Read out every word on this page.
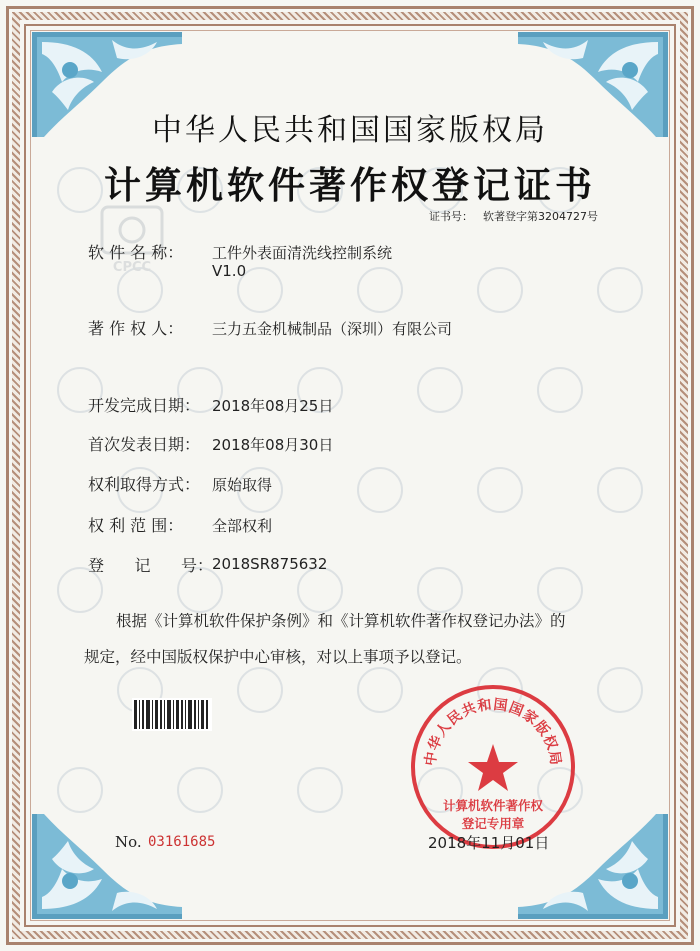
CPCC
中华人民共和国国家版权局
计算机软件著作权登记证书
证书号： 软著登字第3204727号
软 件 名 称： 工件外表面清洗线控制系统
V1.0
著 作 权 人： 三力五金机械制品（深圳）有限公司
开发完成日期： 2018年08月25日
首次发表日期： 2018年08月30日
权利取得方式： 原始取得
权 利 范 围： 全部权利
登      记      号：
2018SR875632
根据《计算机软件保护条例》和《计算机软件著作权登记办法》的
规定，经中国版权保护中心审核，对以上事项予以登记。
中华人民共和国国家版权局
计算机软件著作权
登记专用章
No. 03161685	2018年11月01日
